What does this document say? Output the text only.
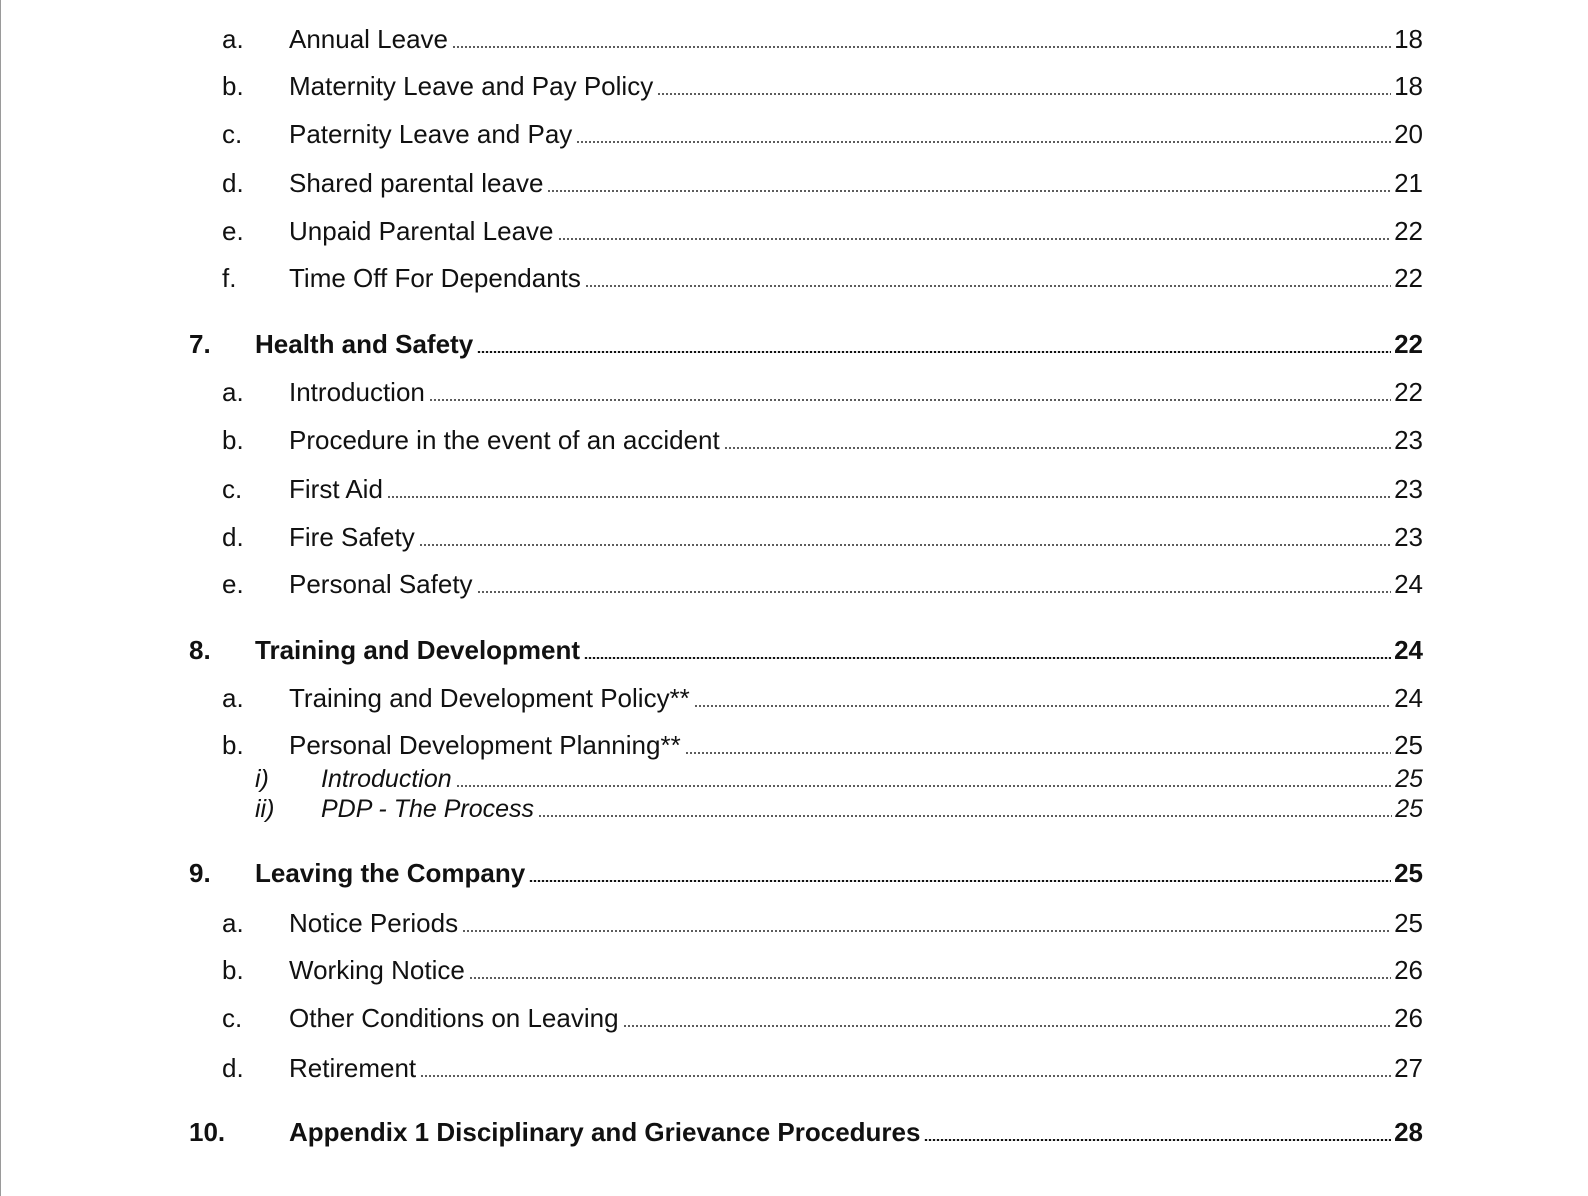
a. Annual Leave	18
b. Maternity Leave and Pay Policy	18
c. Paternity Leave and Pay	20
d. Shared parental leave	21
e. Unpaid Parental Leave	22
f. Time Off For Dependants	22
7. Health and Safety	22
a. Introduction	22
b. Procedure in the event of an accident	23
c. First Aid	23
d. Fire Safety	23
e. Personal Safety	24
8. Training and Development	24
a. Training and Development Policy**	24
b. Personal Development Planning**	25
i) Introduction	25
ii) PDP - The Process	25
9. Leaving the Company	25
a. Notice Periods	25
b. Working Notice	26
c. Other Conditions on Leaving	26
d. Retirement	27
10. Appendix 1 Disciplinary and Grievance Procedures	28
